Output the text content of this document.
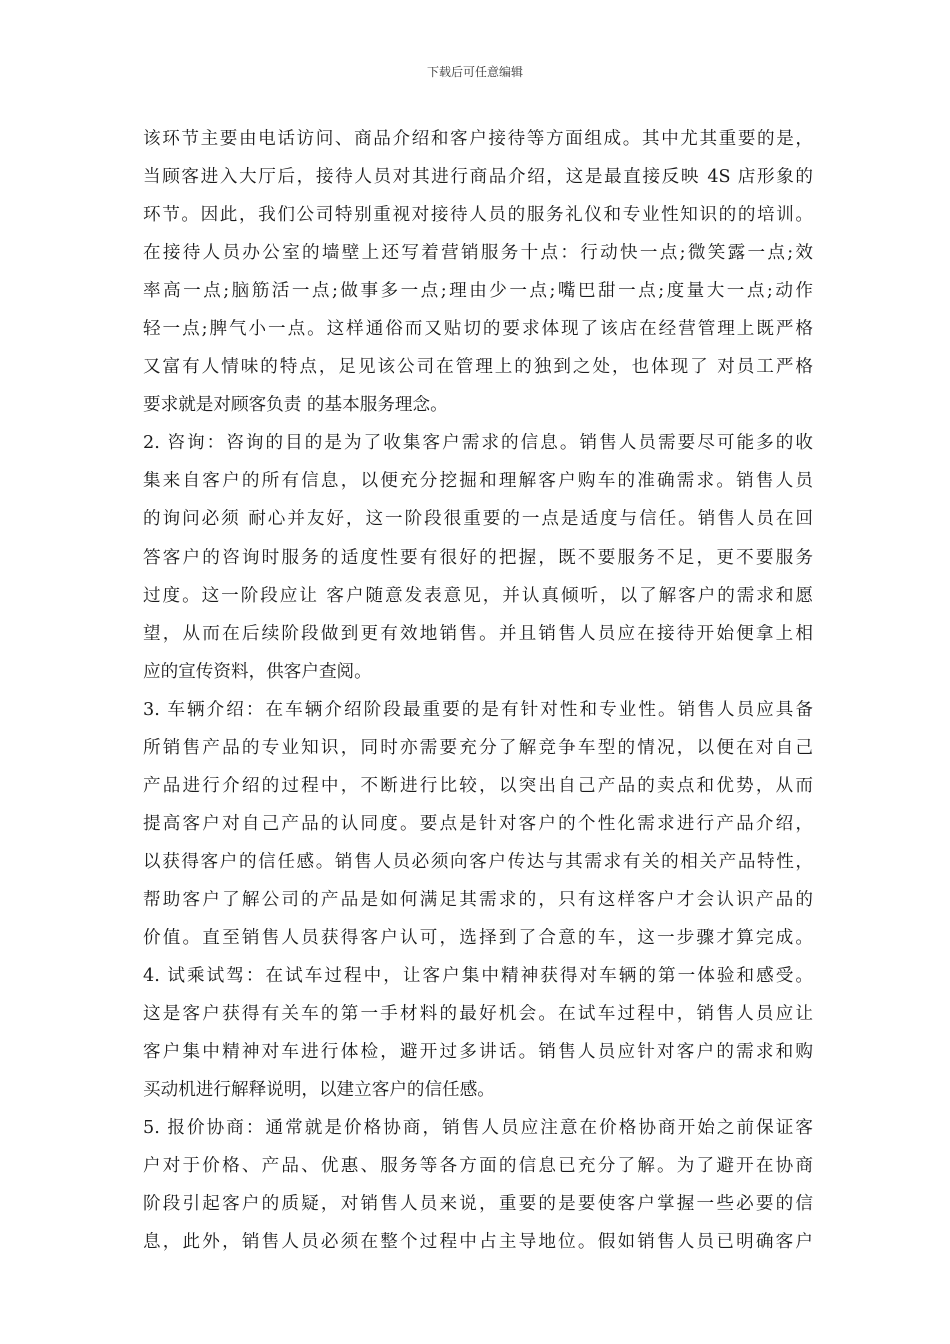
下载后可任意编辑
该环节主要由电话访问、商品介绍和客户接待等方面组成。其中尤其重要的是，
当顾客进入大厅后，接待人员对其进行商品介绍，这是最直接反映 4S 店形象的
环节。因此，我们公司特别重视对接待人员的服务礼仪和专业性知识的的培训。
在接待人员办公室的墙壁上还写着营销服务十点：行动快一点;微笑露一点;效
率高一点;脑筋活一点;做事多一点;理由少一点;嘴巴甜一点;度量大一点;动作
轻一点;脾气小一点。这样通俗而又贴切的要求体现了该店在经营管理上既严格
又富有人情味的特点，足见该公司在管理上的独到之处，也体现了 对员工严格
要求就是对顾客负责 的基本服务理念。
2. 咨询：咨询的目的是为了收集客户需求的信息。销售人员需要尽可能多的收
集来自客户的所有信息，以便充分挖掘和理解客户购车的准确需求。销售人员
的询问必须 耐心并友好，这一阶段很重要的一点是适度与信任。销售人员在回
答客户的咨询时服务的适度性要有很好的把握，既不要服务不足，更不要服务
过度。这一阶段应让 客户随意发表意见，并认真倾听，以了解客户的需求和愿
望，从而在后续阶段做到更有效地销售。并且销售人员应在接待开始便拿上相
应的宣传资料，供客户查阅。
3. 车辆介绍：在车辆介绍阶段最重要的是有针对性和专业性。销售人员应具备
所销售产品的专业知识，同时亦需要充分了解竞争车型的情况，以便在对自己
产品进行介绍的过程中，不断进行比较，以突出自己产品的卖点和优势，从而
提高客户对自己产品的认同度。要点是针对客户的个性化需求进行产品介绍，
以获得客户的信任感。销售人员必须向客户传达与其需求有关的相关产品特性，
帮助客户了解公司的产品是如何满足其需求的，只有这样客户才会认识产品的
价值。直至销售人员获得客户认可，选择到了合意的车，这一步骤才算完成。
4. 试乘试驾：在试车过程中，让客户集中精神获得对车辆的第一体验和感受。
这是客户获得有关车的第一手材料的最好机会。在试车过程中，销售人员应让
客户集中精神对车进行体检，避开过多讲话。销售人员应针对客户的需求和购
买动机进行解释说明，以建立客户的信任感。
5. 报价协商：通常就是价格协商，销售人员应注意在价格协商开始之前保证客
户对于价格、产品、优惠、服务等各方面的信息已充分了解。为了避开在协商
阶段引起客户的质疑，对销售人员来说，重要的是要使客户掌握一些必要的信
息，此外，销售人员必须在整个过程中占主导地位。假如销售人员已明确客户
